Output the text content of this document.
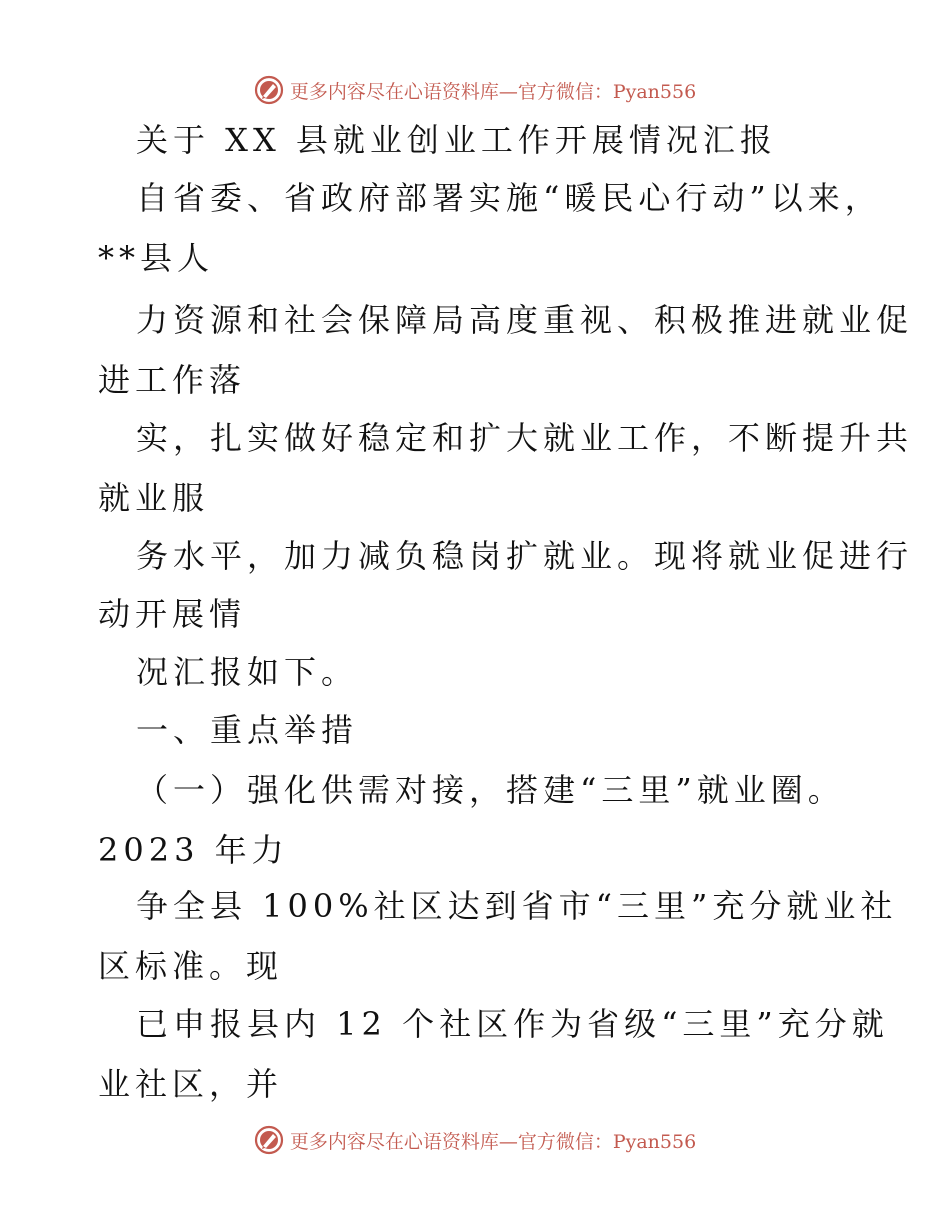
更多内容尽在心语资料库—官方微信：Pyan556
关于 XX 县就业创业工作开展情况汇报
自省委、省政府部署实施“暖民心行动”以来，
**县人
力资源和社会保障局高度重视、积极推进就业促
进工作落
实，扎实做好稳定和扩大就业工作，不断提升共
就业服
务水平，加力减负稳岗扩就业。现将就业促进行
动开展情
况汇报如下。
一、重点举措
（一）强化供需对接，搭建“三里”就业圈。
2023 年力
争全县 100%社区达到省市“三里”充分就业社
区标准。现
已申报县内 12 个社区作为省级“三里”充分就
业社区，并
更多内容尽在心语资料库—官方微信：Pyan556
